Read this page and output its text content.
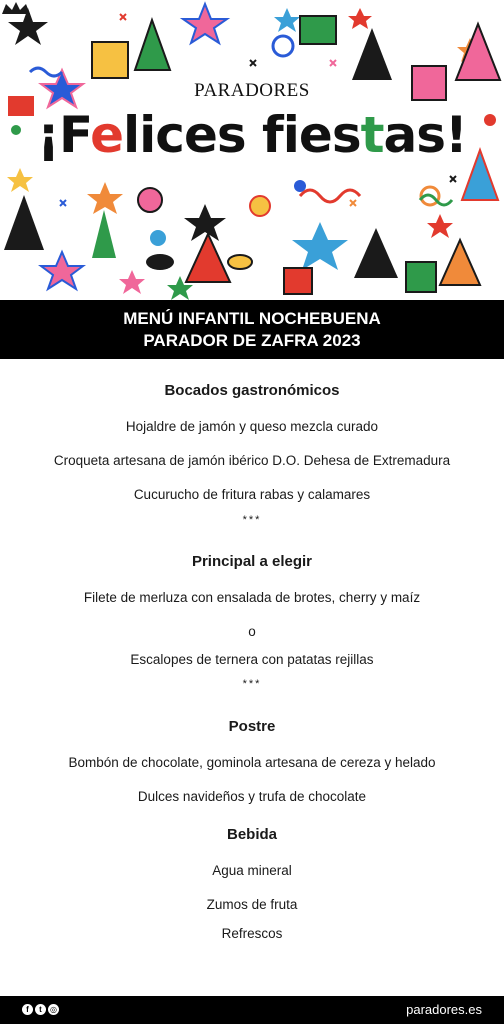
PARADORES
¡Felices fiestas!
MENÚ INFANTIL NOCHEBUENA
PARADOR DE ZAFRA 2023
Bocados gastronómicos
Hojaldre de jamón y queso mezcla curado
Croqueta artesana de jamón ibérico D.O. Dehesa de Extremadura
Cucurucho de fritura rabas y calamares
***
Principal a elegir
Filete de merluza con ensalada de brotes, cherry y maíz
o
Escalopes de ternera con patatas rejillas
***
Postre
Bombón de chocolate, gominola artesana de cereza y helado
Dulces navideños y trufa de chocolate
Bebida
Agua mineral
Zumos de fruta
Refrescos
f	t	◎	paradores.es
